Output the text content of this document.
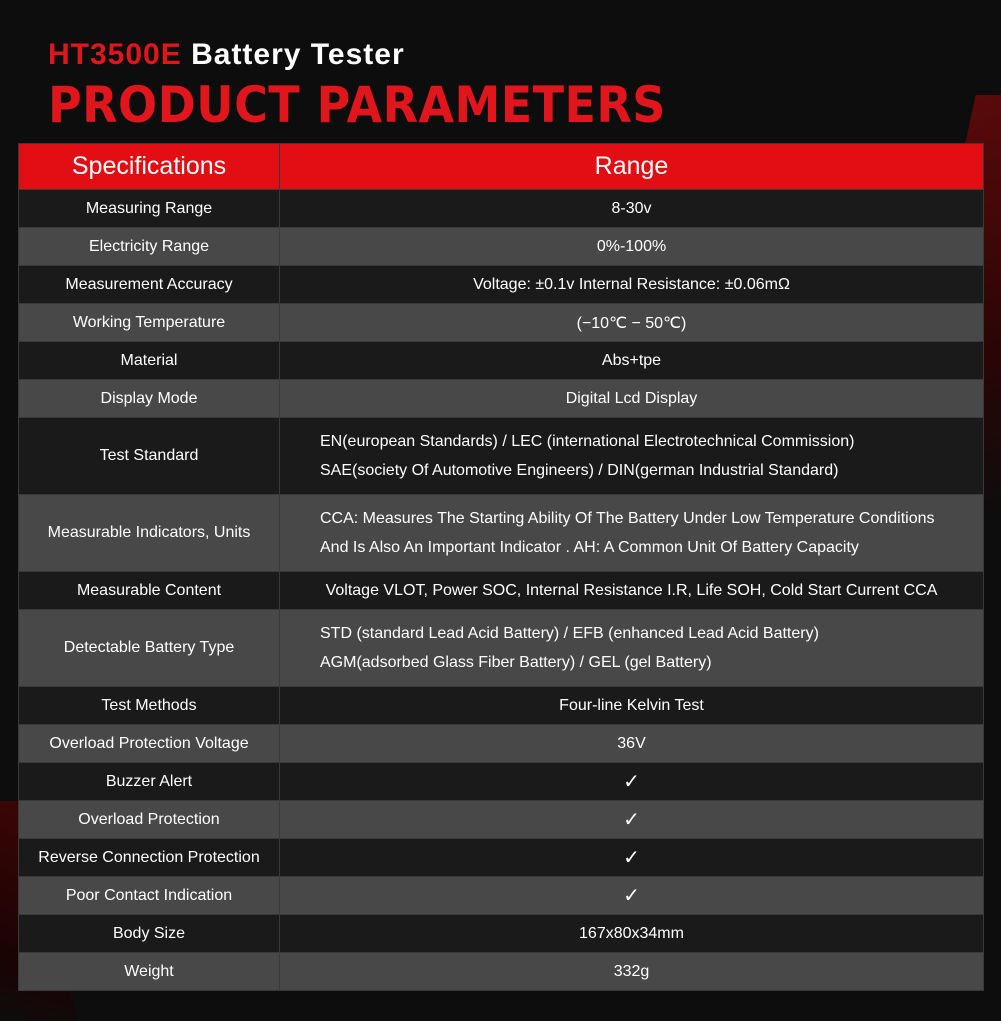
HT3500E Battery Tester
PRODUCT PARAMETERS
Specifications	Range
Measuring Range	8-30v

Electricity Range	0%-100%

Measurement Accuracy	Voltage: ±0.1v Internal Resistance: ±0.06mΩ

Working Temperature	(−10℃ − 50℃)

Material	Abs+tpe

Display Mode	Digital Lcd Display

Test Standard	EN(european Standards) / LEC (international Electrotechnical Commission)
SAE(society Of Automotive Engineers) / DIN(german Industrial Standard)

Measurable Indicators, Units	CCA: Measures The Starting Ability Of The Battery Under Low Temperature Conditions
And Is Also An Important Indicator . AH: A Common Unit Of Battery Capacity

Measurable Content	Voltage VLOT, Power SOC, Internal Resistance I.R, Life SOH, Cold Start Current CCA

Detectable Battery Type	STD (standard Lead Acid Battery) / EFB (enhanced Lead Acid Battery)
AGM(adsorbed Glass Fiber Battery) / GEL (gel Battery)

Test Methods	Four-line Kelvin Test

Overload Protection Voltage	36V

Buzzer Alert	✓

Overload Protection	✓

Reverse Connection Protection	✓

Poor Contact Indication	✓

Body Size	167x80x34mm

Weight	332g
